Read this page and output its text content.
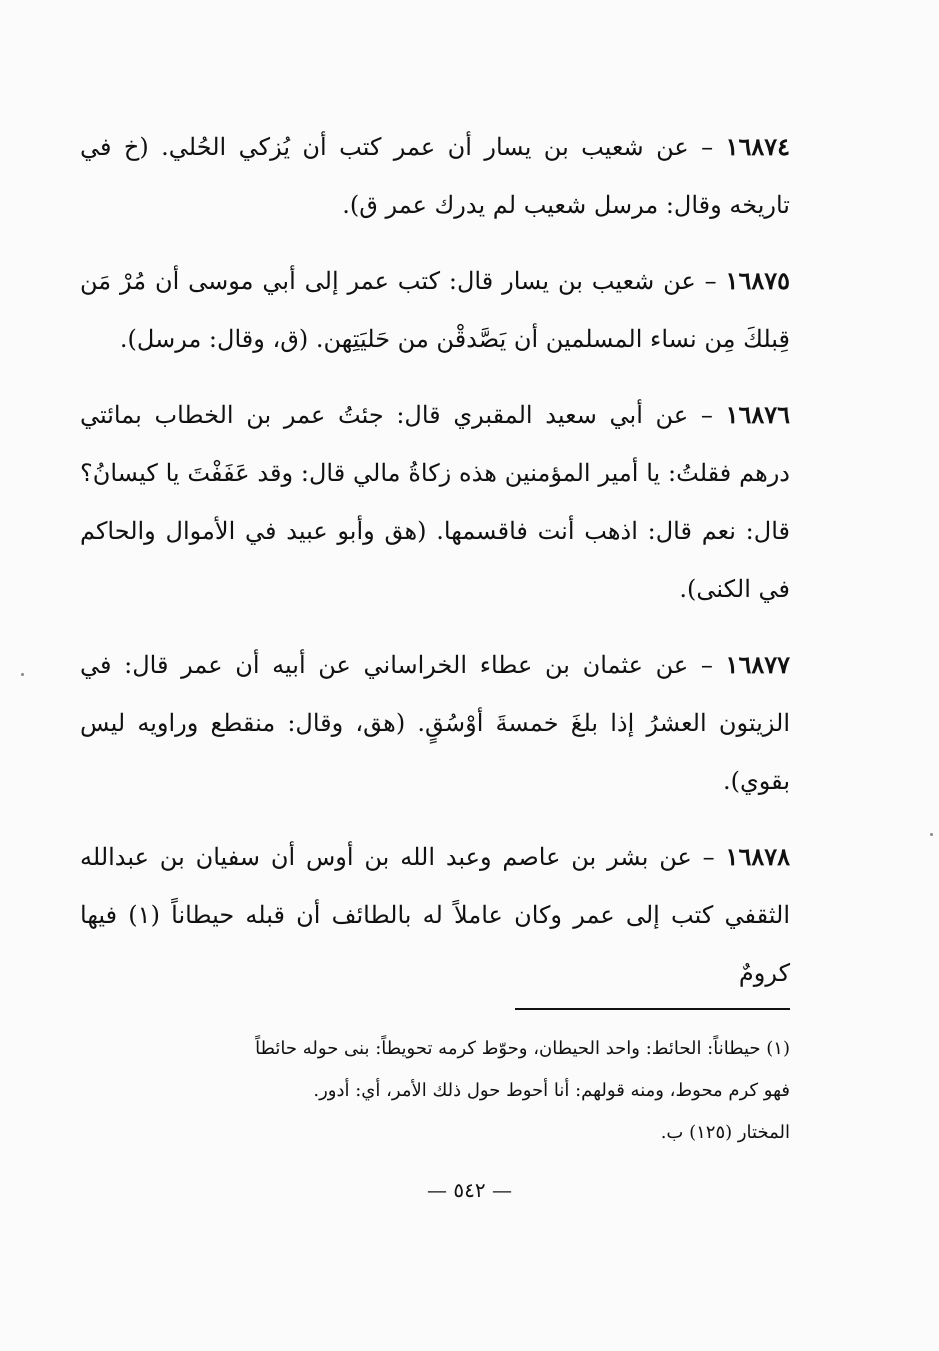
١٦٨٧٤ – عن شعيب بن يسار أن عمر كتب أن يُزكي الحُلي. (خ في تاريخه وقال: مرسل شعيب لم يدرك عمر ق).

١٦٨٧٥ – عن شعيب بن يسار قال: كتب عمر إلى أبي موسى أن مُرْ مَن قِبلكَ مِن نساء المسلمين أن يَصَّدقْن من حَليَتِهن. (ق، وقال: مرسل).

١٦٨٧٦ – عن أبي سعيد المقبري قال: جئتُ عمر بن الخطاب بمائتي درهم فقلتُ: يا أمير المؤمنين هذه زكاةُ مالي قال: وقد عَفَفْتَ يا كيسانُ؟ قال: نعم قال: اذهب أنت فاقسمها. (هق وأبو عبيد في الأموال والحاكم في الكنى).

١٦٨٧٧ – عن عثمان بن عطاء الخراساني عن أبيه أن عمر قال: في الزيتون العشرُ إذا بلغَ خمسةَ أوْسُقٍ. (هق، وقال: منقطع وراويه ليس بقوي).

١٦٨٧٨ – عن بشر بن عاصم وعبد الله بن أوس أن سفيان بن عبدالله الثقفي كتب إلى عمر وكان عاملاً له بالطائف أن قبله حيطاناً (١) فيها كرومٌ

(١) حيطاناً: الحائط: واحد الحيطان، وحوّط كرمه تحويطاً: بنى حوله حائطاً

فهو كرم محوط، ومنه قولهم: أنا أحوط حول ذلك الأمر، أي: أدور.

المختار (١٢٥) ب.

— ٥٤٢ —
